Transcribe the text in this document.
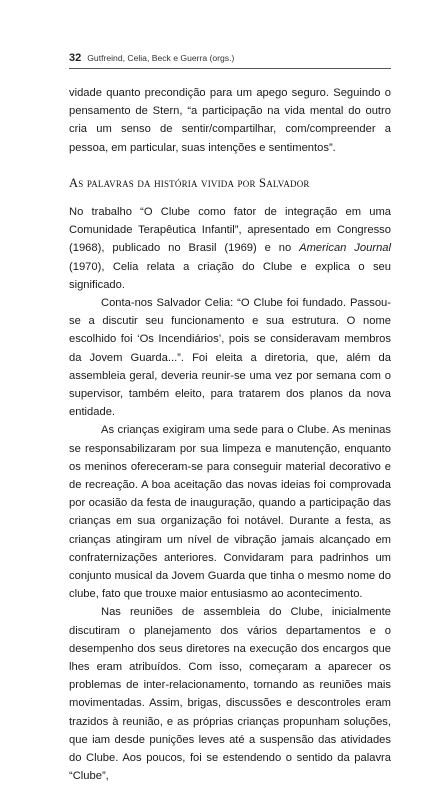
32 Gutfreind, Celia, Beck e Guerra (orgs.)

vidade quanto precondição para um apego seguro. Seguindo o pensamento de Stern, “a participação na vida mental do outro cria um senso de sentir/compartilhar, com/compreender a pessoa, em particular, suas intenções e sentimentos”.

As palavras da história vivida por Salvador

No trabalho “O Clube como fator de integração em uma Comunidade Terapêutica Infantil”, apresentado em Congresso (1968), publicado no Brasil (1969) e no American Journal (1970), Celia relata a criação do Clube e explica o seu significado.

Conta-nos Salvador Celia: “O Clube foi fundado. Passou-se a discutir seu funcionamento e sua estrutura. O nome escolhido foi ‘Os Incendiários’, pois se consideravam membros da Jovem Guarda...”. Foi eleita a diretoria, que, além da assembleia geral, deveria reunir-se uma vez por semana com o supervisor, também eleito, para tratarem dos planos da nova entidade.

As crianças exigiram uma sede para o Clube. As meninas se responsabilizaram por sua limpeza e manutenção, enquanto os meninos ofereceram-se para conseguir material decorativo e de recreação. A boa aceitação das novas ideias foi comprovada por ocasião da festa de inauguração, quando a participação das crianças em sua organização foi notável. Durante a festa, as crianças atingiram um nível de vibração jamais alcançado em confraternizações anteriores. Convidaram para padrinhos um conjunto musical da Jovem Guarda que tinha o mesmo nome do clube, fato que trouxe maior entusiasmo ao acontecimento.

Nas reuniões de assembleia do Clube, inicialmente discutiram o planejamento dos vários departamentos e o desempenho dos seus diretores na execução dos encargos que lhes eram atribuídos. Com isso, começaram a aparecer os problemas de inter-relacionamento, tornando as reuniões mais movimentadas. Assim, brigas, discussões e descontroles eram trazidos à reunião, e as próprias crianças propunham soluções, que iam desde punições leves até a suspensão das atividades do Clube. Aos poucos, foi se estendendo o sentido da palavra “Clube”,
